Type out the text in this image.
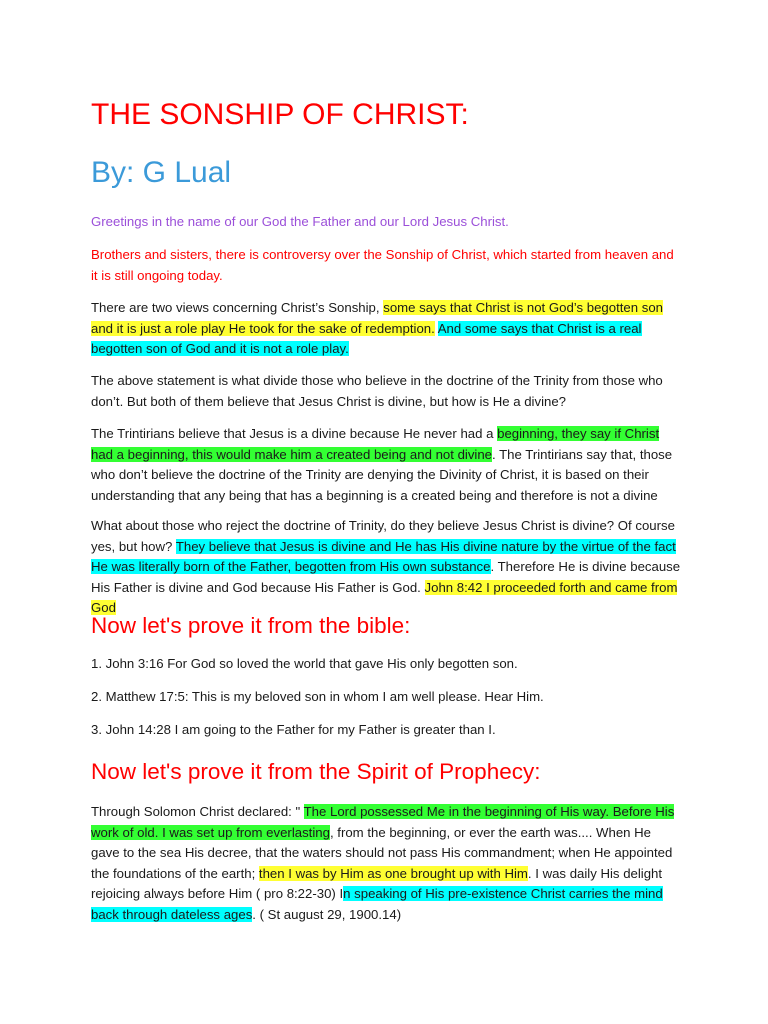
THE SONSHIP OF CHRIST:
By: G Lual
Greetings in the name of our God the Father and our Lord Jesus Christ.
Brothers and sisters, there is controversy over the Sonship of Christ, which started from heaven and it is still ongoing today.
There are two views concerning Christ’s Sonship, some says that Christ is not God’s begotten son and it is just a role play He took for the sake of redemption. And some says that Christ is a real begotten son of God and it is not a role play.
The above statement is what divide those who believe in the doctrine of the Trinity from those who don’t. But both of them believe that Jesus Christ is divine, but how is He a divine?
The Trintirians believe that Jesus is a divine because He never had a beginning, they say if Christ had a beginning, this would make him a created being and not divine. The Trintirians say that, those who don’t believe the doctrine of the Trinity are denying the Divinity of Christ, it is based on their understanding that any being that has a beginning is a created being and therefore is not a divine
What about those who reject the doctrine of Trinity, do they believe Jesus Christ is divine? Of course yes, but how? They believe that Jesus is divine and He has His divine nature by the virtue of the fact He was literally born of the Father, begotten from His own substance. Therefore He is divine because His Father is divine and God because His Father is God. John 8:42 I proceeded forth and came from God
Now let's prove it from the bible:
1. John 3:16 For God so loved the world that gave His only begotten son.
2. Matthew 17:5: This is my beloved son in whom I am well please. Hear Him.
3. John 14:28 I am going to the Father for my Father is greater than I.
Now let's prove it from the Spirit of Prophecy:
Through Solomon Christ declared: " The Lord possessed Me in the beginning of His way. Before His work of old. I was set up from everlasting, from the beginning, or ever the earth was.... When He gave to the sea His decree, that the waters should not pass His commandment; when He appointed the foundations of the earth; then I was by Him as one brought up with Him. I was daily His delight rejoicing always before Him ( pro 8:22-30) In speaking of His pre-existence Christ carries the mind back through dateless ages. ( St august 29, 1900.14)
